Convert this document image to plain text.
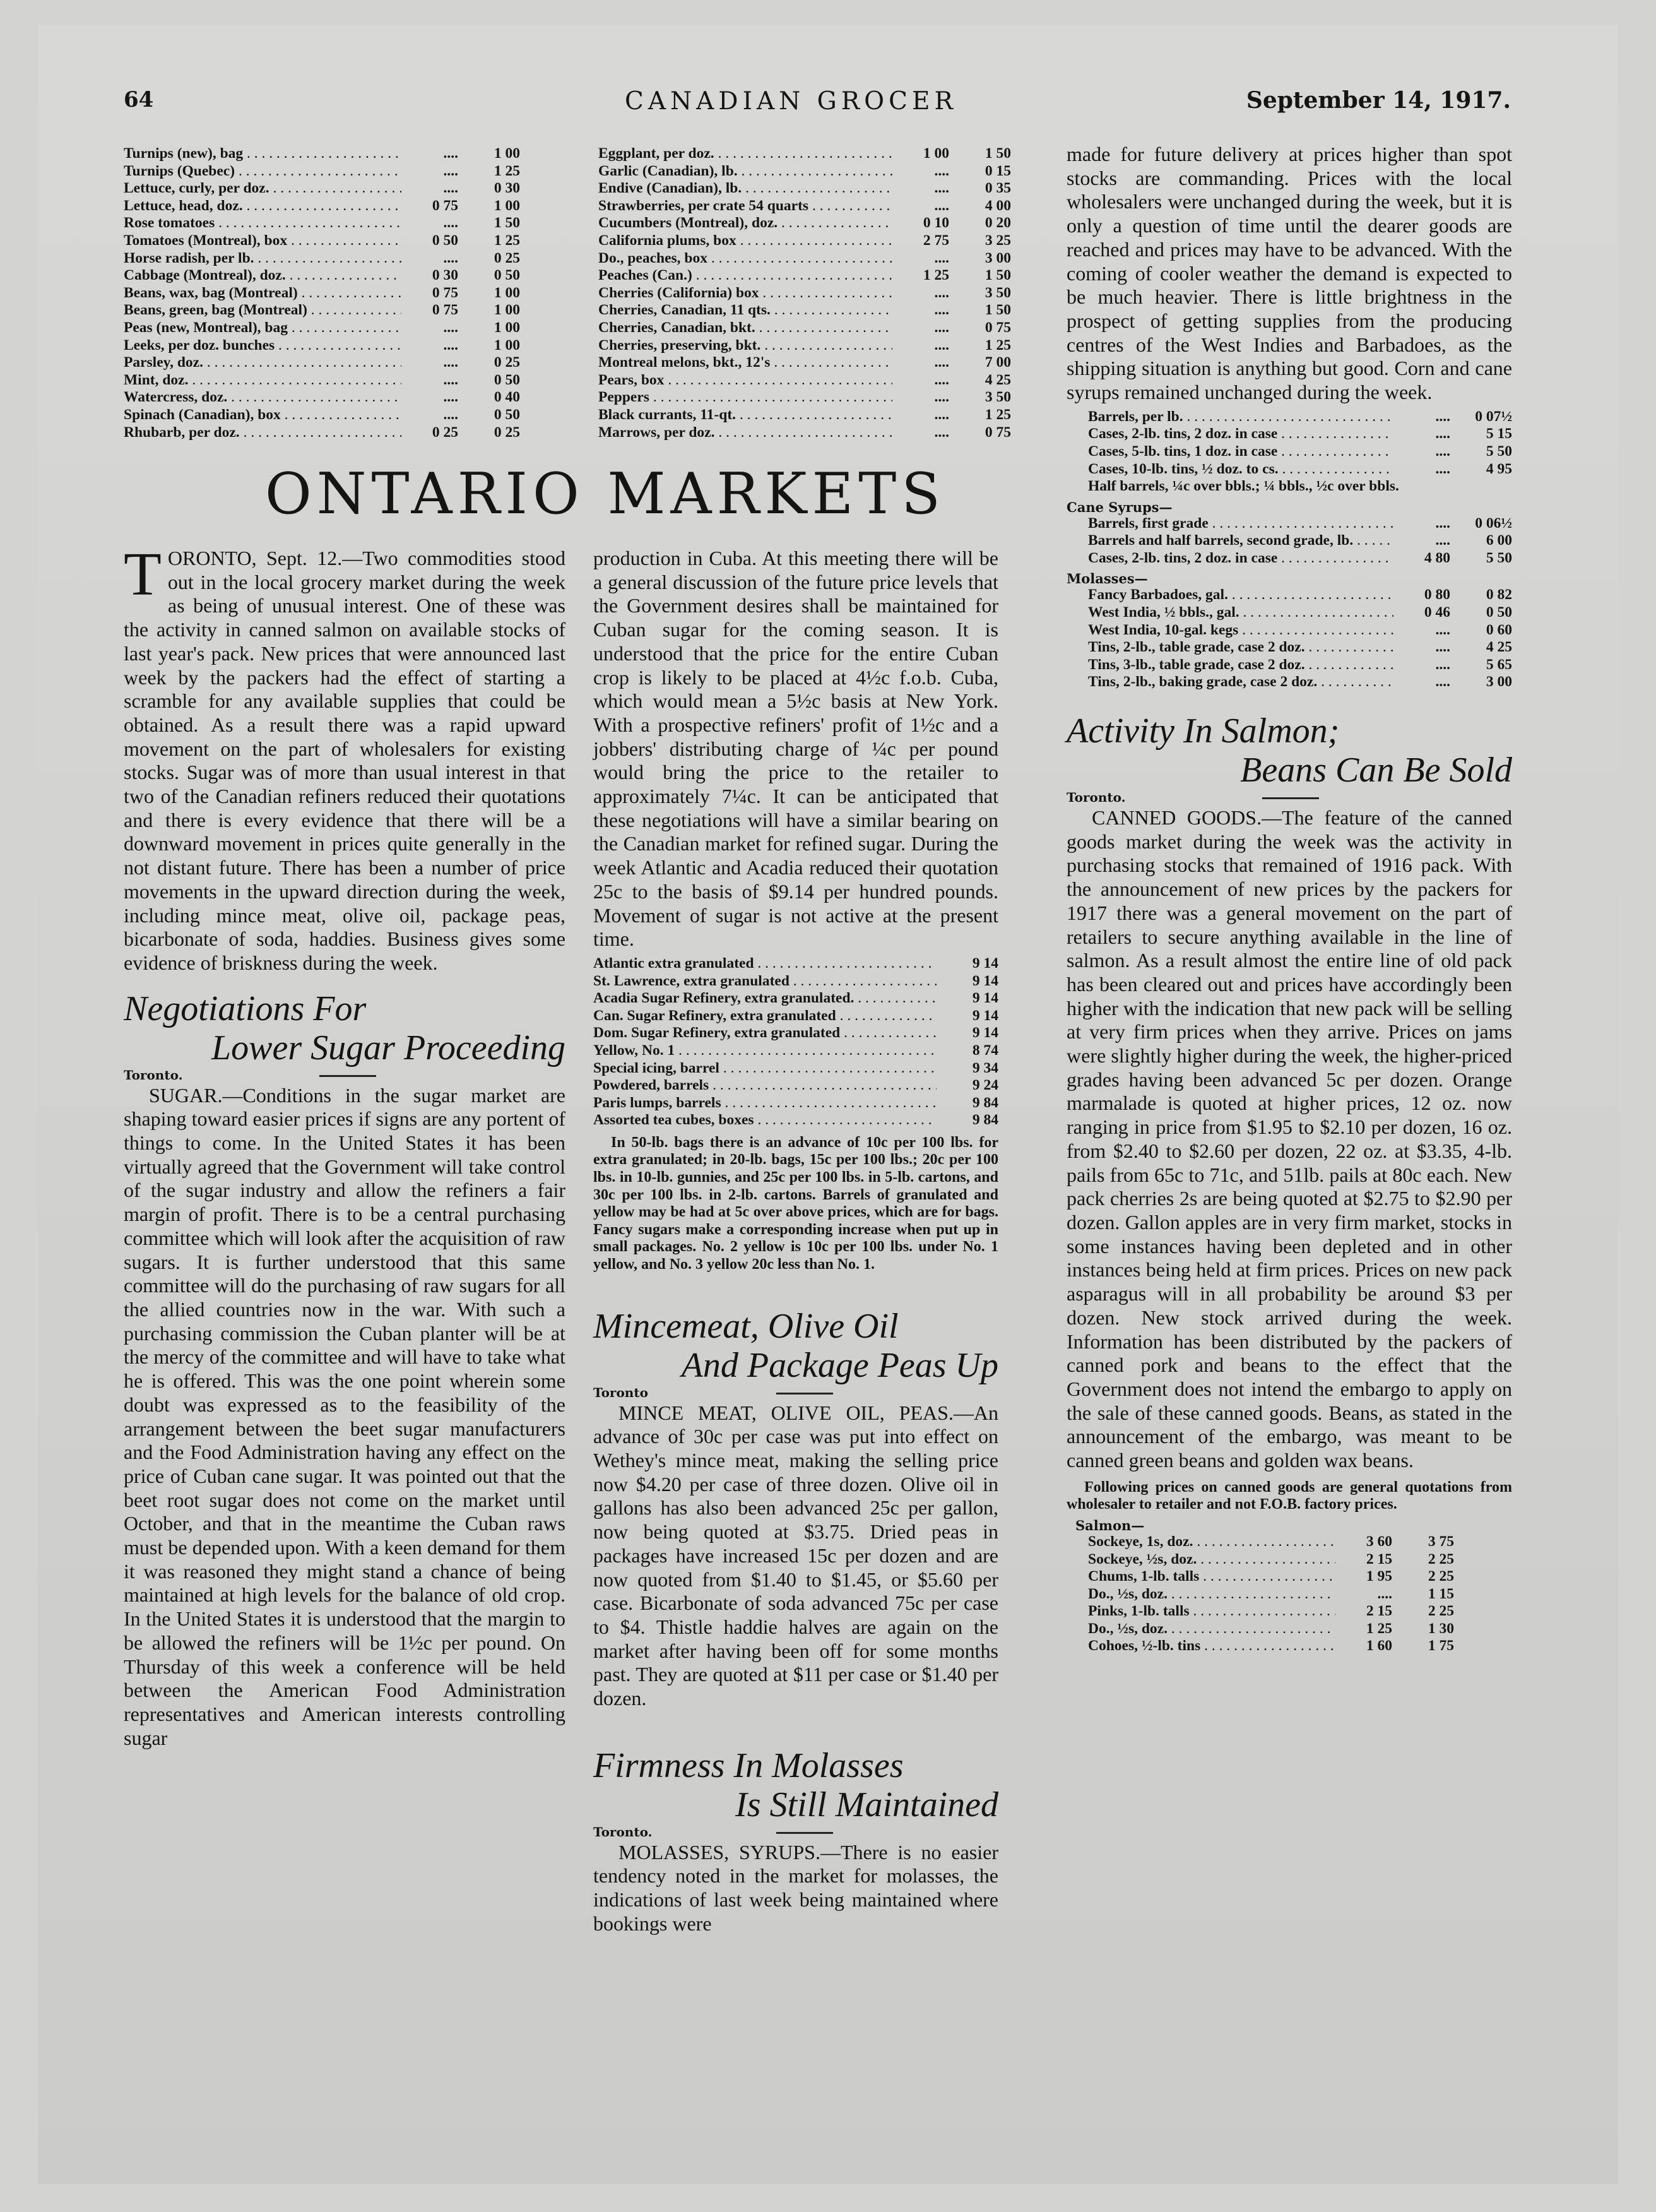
64	CANADIAN GROCER	September 14, 1917.
Turnips (new), bag . . .	....	1 00
Turnips (Quebec) . . .	....	1 25
Lettuce, curly, per doz. . . .	....	0 30
Lettuce, head, doz. . . .	0 75	1 00
Rose tomatoes . . .	....	1 50
Tomatoes (Montreal), box . . .	0 50	1 25
Horse radish, per lb. . . .	....	0 25
Cabbage (Montreal), doz. . . .	0 30	0 50
Beans, wax, bag (Montreal) . . .	0 75	1 00
Beans, green, bag (Montreal) . . .	0 75	1 00
Peas (new, Montreal), bag . . .	....	1 00
Leeks, per doz. bunches . . .	....	1 00
Parsley, doz. . . .	....	0 25
Mint, doz. . . .	....	0 50
Watercress, doz. . . .	....	0 40
Spinach (Canadian), box . . .	....	0 50
Rhubarb, per doz. . . .	0 25	0 25
Eggplant, per doz. . . .	1 00	1 50
Garlic (Canadian), lb. . . .	....	0 15
Endive (Canadian), lb. . . .	....	0 35
Strawberries, per crate 54 quarts . . .	....	4 00
Cucumbers (Montreal), doz. . . .	0 10	0 20
California plums, box . . .	2 75	3 25
Do., peaches, box . . .	....	3 00
Peaches (Can.) . . .	1 25	1 50
Cherries (California) box . . .	....	3 50
Cherries, Canadian, 11 qts. . . .	....	1 50
Cherries, Canadian, bkt. . . .	....	0 75
Cherries, preserving, bkt. . . .	....	1 25
Montreal melons, bkt., 12's . . .	....	7 00
Pears, box . . .	....	4 25
Peppers . . .	....	3 50
Black currants, 11-qt. . . .	....	1 25
Marrows, per doz. . . .	....	0 75
ONTARIO MARKETS
T ORONTO, Sept. 12.—Two commodities stood out in the local grocery market during the week as being of unusual interest. One of these was the activity in canned salmon on available stocks of last year's pack. New prices that were announced last week by the packers had the effect of starting a scramble for any available supplies that could be obtained. As a result there was a rapid upward movement on the part of wholesalers for existing stocks. Sugar was of more than usual interest in that two of the Canadian refiners reduced their quotations and there is every evidence that there will be a downward movement in prices quite generally in the not distant future. There has been a number of price movements in the upward direction during the week, including mince meat, olive oil, package peas, bicarbonate of soda, haddies. Business gives some evidence of briskness during the week.
Negotiations For
Lower Sugar Proceeding
Toronto.

SUGAR.—Conditions in the sugar market are shaping toward easier prices if signs are any portent of things to come. In the United States it has been virtually agreed that the Government will take control of the sugar industry and allow the refiners a fair margin of profit. There is to be a central purchasing committee which will look after the acquisition of raw sugars. It is further understood that this same committee will do the purchasing of raw sugars for all the allied countries now in the war. With such a purchasing commission the Cuban planter will be at the mercy of the committee and will have to take what he is offered. This was the one point wherein some doubt was expressed as to the feasibility of the arrangement between the beet sugar manufacturers and the Food Administration having any effect on the price of Cuban cane sugar. It was pointed out that the beet root sugar does not come on the market until October, and that in the meantime the Cuban raws must be depended upon. With a keen demand for them it was reasoned they might stand a chance of being maintained at high levels for the balance of old crop. In the United States it is understood that the margin to be allowed the refiners will be 1½c per pound. On Thursday of this week a conference will be held between the American Food Administration representatives and American interests controlling sugar

production in Cuba. At this meeting there will be a general discussion of the future price levels that the Government desires shall be maintained for Cuban sugar for the coming season. It is understood that the price for the entire Cuban crop is likely to be placed at 4½c f.o.b. Cuba, which would mean a 5½c basis at New York. With a prospective refiners' profit of 1½c and a jobbers' distributing charge of ¼c per pound would bring the price to the retailer to approximately 7¼c. It can be anticipated that these negotiations will have a similar bearing on the Canadian market for refined sugar. During the week Atlantic and Acadia reduced their quotation 25c to the basis of $9.14 per hundred pounds. Movement of sugar is not active at the present time.
Atlantic extra granulated . . .	9 14
St. Lawrence, extra granulated . . .	9 14
Acadia Sugar Refinery, extra granulated. . . .	9 14
Can. Sugar Refinery, extra granulated . . .	9 14
Dom. Sugar Refinery, extra granulated . . .	9 14
Yellow, No. 1 . . .	8 74
Special icing, barrel . . .	9 34
Powdered, barrels . . .	9 24
Paris lumps, barrels . . .	9 84
Assorted tea cubes, boxes . . .	9 84

In 50-lb. bags there is an advance of 10c per 100 lbs. for extra granulated; in 20-lb. bags, 15c per 100 lbs.; 20c per 100 lbs. in 10-lb. gunnies, and 25c per 100 lbs. in 5-lb. cartons, and 30c per 100 lbs. in 2-lb. cartons. Barrels of granulated and yellow may be had at 5c over above prices, which are for bags. Fancy sugars make a corresponding increase when put up in small packages. No. 2 yellow is 10c per 100 lbs. under No. 1 yellow, and No. 3 yellow 20c less than No. 1.

Mincemeat, Olive Oil
And Package Peas Up
Toronto

MINCE MEAT, OLIVE OIL, PEAS.—An advance of 30c per case was put into effect on Wethey's mince meat, making the selling price now $4.20 per case of three dozen. Olive oil in gallons has also been advanced 25c per gallon, now being quoted at $3.75. Dried peas in packages have increased 15c per dozen and are now quoted from $1.40 to $1.45, or $5.60 per case. Bicarbonate of soda advanced 75c per case to $4. Thistle haddie halves are again on the market after having been off for some months past. They are quoted at $11 per case or $1.40 per dozen.

Firmness In Molasses
Is Still Maintained
Toronto.

MOLASSES, SYRUPS.—There is no easier tendency noted in the market for molasses, the indications of last week being maintained where bookings were

made for future delivery at prices higher than spot stocks are commanding. Prices with the local wholesalers were unchanged during the week, but it is only a question of time until the dearer goods are reached and prices may have to be advanced. With the coming of cooler weather the demand is expected to be much heavier. There is little brightness in the prospect of getting supplies from the producing centres of the West Indies and Barbadoes, as the shipping situation is anything but good. Corn and cane syrups remained unchanged during the week.
Barrels, per lb. . . .	....	0 07½
Cases, 2-lb. tins, 2 doz. in case . . .	....	5 15
Cases, 5-lb. tins, 1 doz. in case . . .	....	5 50
Cases, 10-lb. tins, ½ doz. to cs. . . .	....	4 95
Half barrels, ¼c over bbls.; ¼ bbls., ½c over bbls.
Cane Syrups—
Barrels, first grade . . .	....	0 06½
Barrels and half barrels, second grade, lb. . . .	....	6 00
Cases, 2-lb. tins, 2 doz. in case . . .	4 80	5 50
Molasses—
Fancy Barbadoes, gal. . . .	0 80	0 82
West India, ½ bbls., gal. . . .	0 46	0 50
West India, 10-gal. kegs . . .	....	0 60
Tins, 2-lb., table grade, case 2 doz. . . .	....	4 25
Tins, 3-lb., table grade, case 2 doz. . . .	....	5 65
Tins, 2-lb., baking grade, case 2 doz. . . .	....	3 00
Activity In Salmon;
Beans Can Be Sold
Toronto.

CANNED GOODS.—The feature of the canned goods market during the week was the activity in purchasing stocks that remained of 1916 pack. With the announcement of new prices by the packers for 1917 there was a general movement on the part of retailers to secure anything available in the line of salmon. As a result almost the entire line of old pack has been cleared out and prices have accordingly been higher with the indication that new pack will be selling at very firm prices when they arrive. Prices on jams were slightly higher during the week, the higher-priced grades having been advanced 5c per dozen. Orange marmalade is quoted at higher prices, 12 oz. now ranging in price from $1.95 to $2.10 per dozen, 16 oz. from $2.40 to $2.60 per dozen, 22 oz. at $3.35, 4-lb. pails from 65c to 71c, and 51lb. pails at 80c each. New pack cherries 2s are being quoted at $2.75 to $2.90 per dozen. Gallon apples are in very firm market, stocks in some instances having been depleted and in other instances being held at firm prices. Prices on new pack asparagus will in all probability be around $3 per dozen. New stock arrived during the week. Information has been distributed by the packers of canned pork and beans to the effect that the Government does not intend the embargo to apply on the sale of these canned goods. Beans, as stated in the announcement of the embargo, was meant to be canned green beans and golden wax beans.

Following prices on canned goods are general quotations from wholesaler to retailer and not F.O.B. factory prices.

Salmon—
Sockeye, 1s, doz. . . .	3 60	3 75
Sockeye, ½s, doz. . . .	2 15	2 25
Chums, 1-lb. talls . . .	1 95	2 25
Do., ½s, doz. . . .	....	1 15
Pinks, 1-lb. talls . . .	2 15	2 25
Do., ½s, doz. . . .	1 25	1 30
Cohoes, ½-lb. tins . . .	1 60	1 75
